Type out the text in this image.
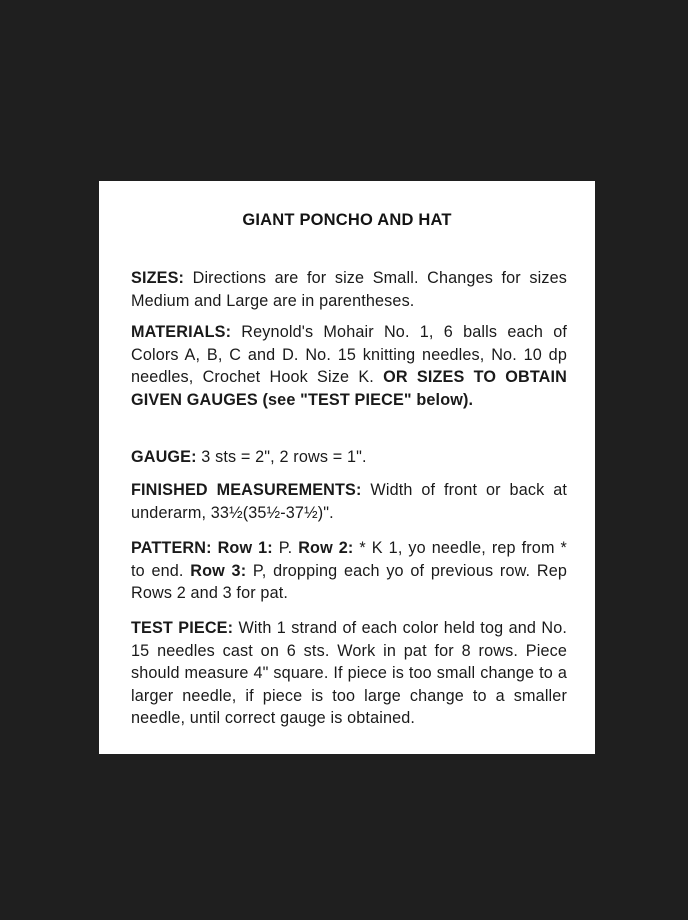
GIANT PONCHO AND HAT
SIZES: Directions are for size Small. Changes for sizes Medium and Large are in parentheses.
MATERIALS: Reynold's Mohair No. 1, 6 balls each of Colors A, B, C and D. No. 15 knitting needles, No. 10 dp needles, Crochet Hook Size K. OR SIZES TO OBTAIN GIVEN GAUGES (see "TEST PIECE" below).
GAUGE: 3 sts = 2", 2 rows = 1".
FINISHED MEASUREMENTS: Width of front or back at underarm, 33½(35½-37½)".
PATTERN: Row 1: P. Row 2: * K 1, yo needle, rep from * to end. Row 3: P, dropping each yo of previous row. Rep Rows 2 and 3 for pat.
TEST PIECE: With 1 strand of each color held tog and No. 15 needles cast on 6 sts. Work in pat for 8 rows. Piece should measure 4" square. If piece is too small change to a larger needle, if piece is too large change to a smaller needle, until correct gauge is obtained.
